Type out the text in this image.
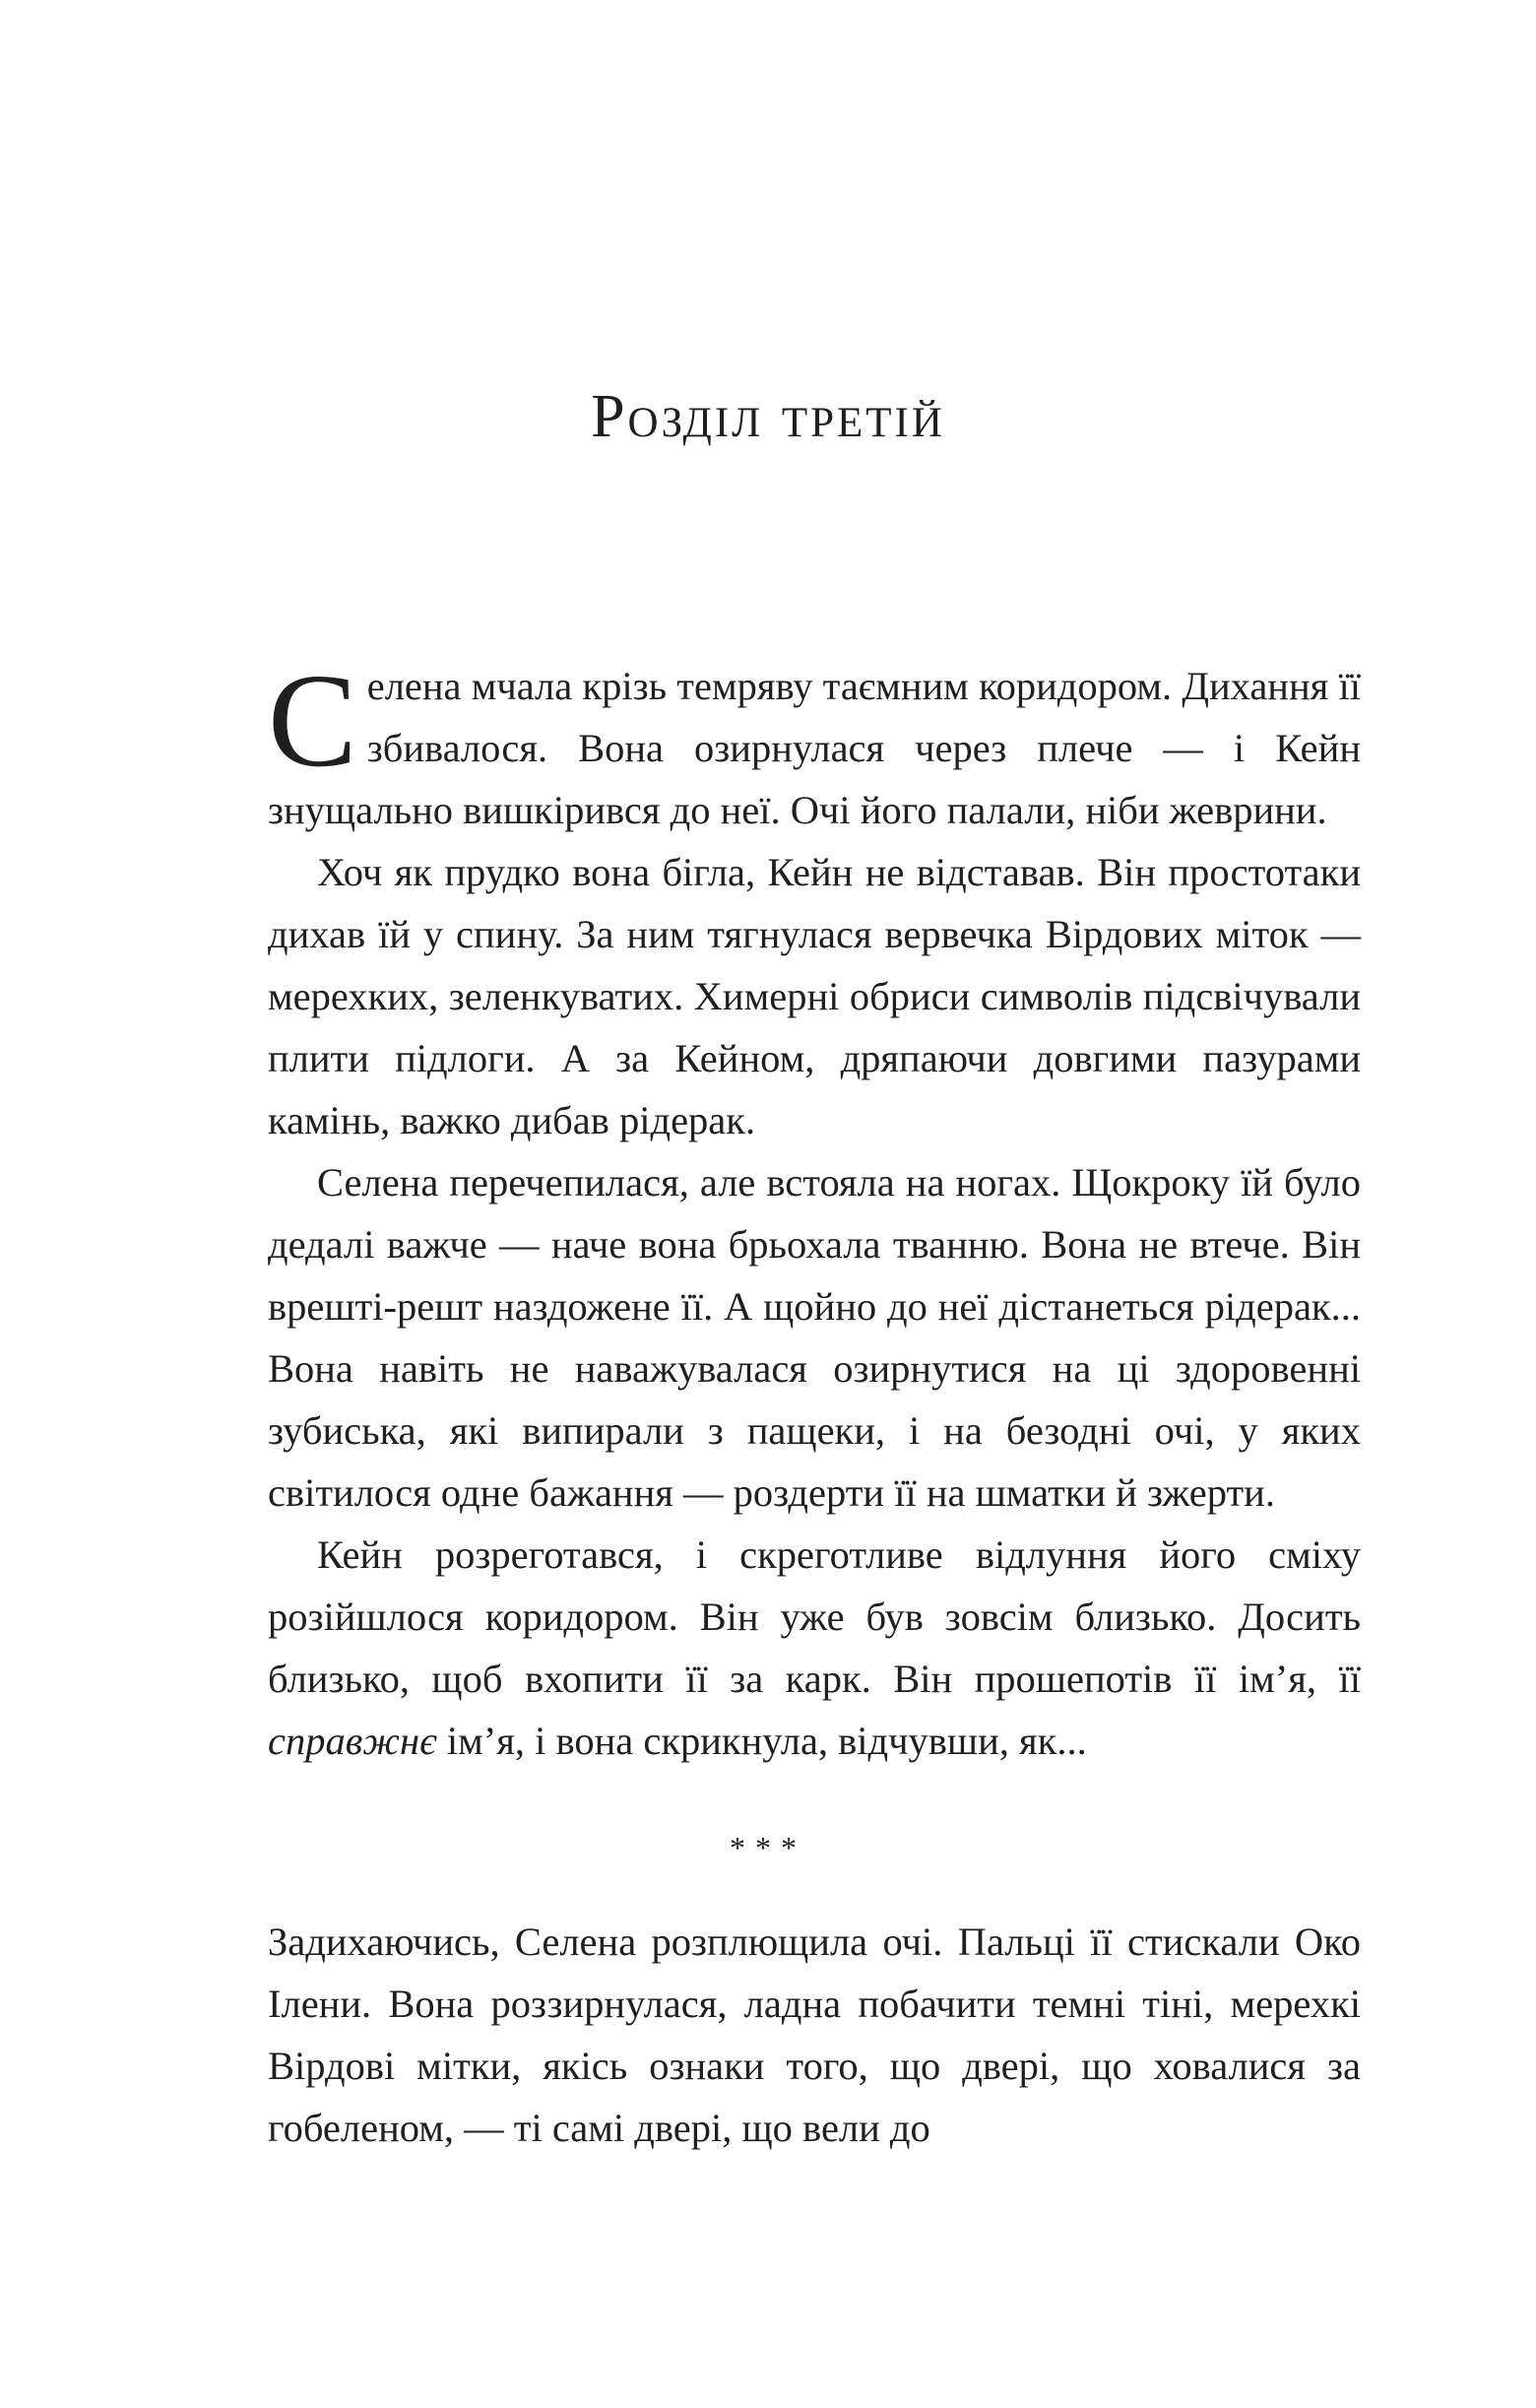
Розділ третій

Селена мчала крізь темряву таємним коридором. Дихання її збивалося. Вона озирнулася через плече — і Кейн знущально вишкірився до неї. Очі його палали, ніби жеврини.

Хоч як прудко вона бігла, Кейн не відставав. Він простотаки дихав їй у спину. За ним тягнулася вервечка Вірдових міток — мерехких, зеленкуватих. Химерні обриси символів підсвічували плити підлоги. А за Кейном, дряпаючи довгими пазурами камінь, важко дибав рідерак.

Селена перечепилася, але встояла на ногах. Щокроку їй було дедалі важче — наче вона брьохала тванню. Вона не втече. Він врешті-решт наздожене її. А щойно до неї дістанеться рідерак... Вона навіть не наважувалася озирнутися на ці здоровенні зубиська, які випирали з пащеки, і на безодні очі, у яких світилося одне бажання — роздерти її на шматки й зжерти.

Кейн розреготався, і скреготливе відлуння його сміху розійшлося коридором. Він уже був зовсім близько. Досить близько, щоб вхопити її за карк. Він прошепотів її ім’я, її справжнє ім’я, і вона скрикнула, відчувши, як...

***

Задихаючись, Селена розплющила очі. Пальці її стискали Око Ілени. Вона роззирнулася, ладна побачити темні тіні, мерехкі Вірдові мітки, якісь ознаки того, що двері, що ховалися за гобеленом, — ті самі двері, що вели до
